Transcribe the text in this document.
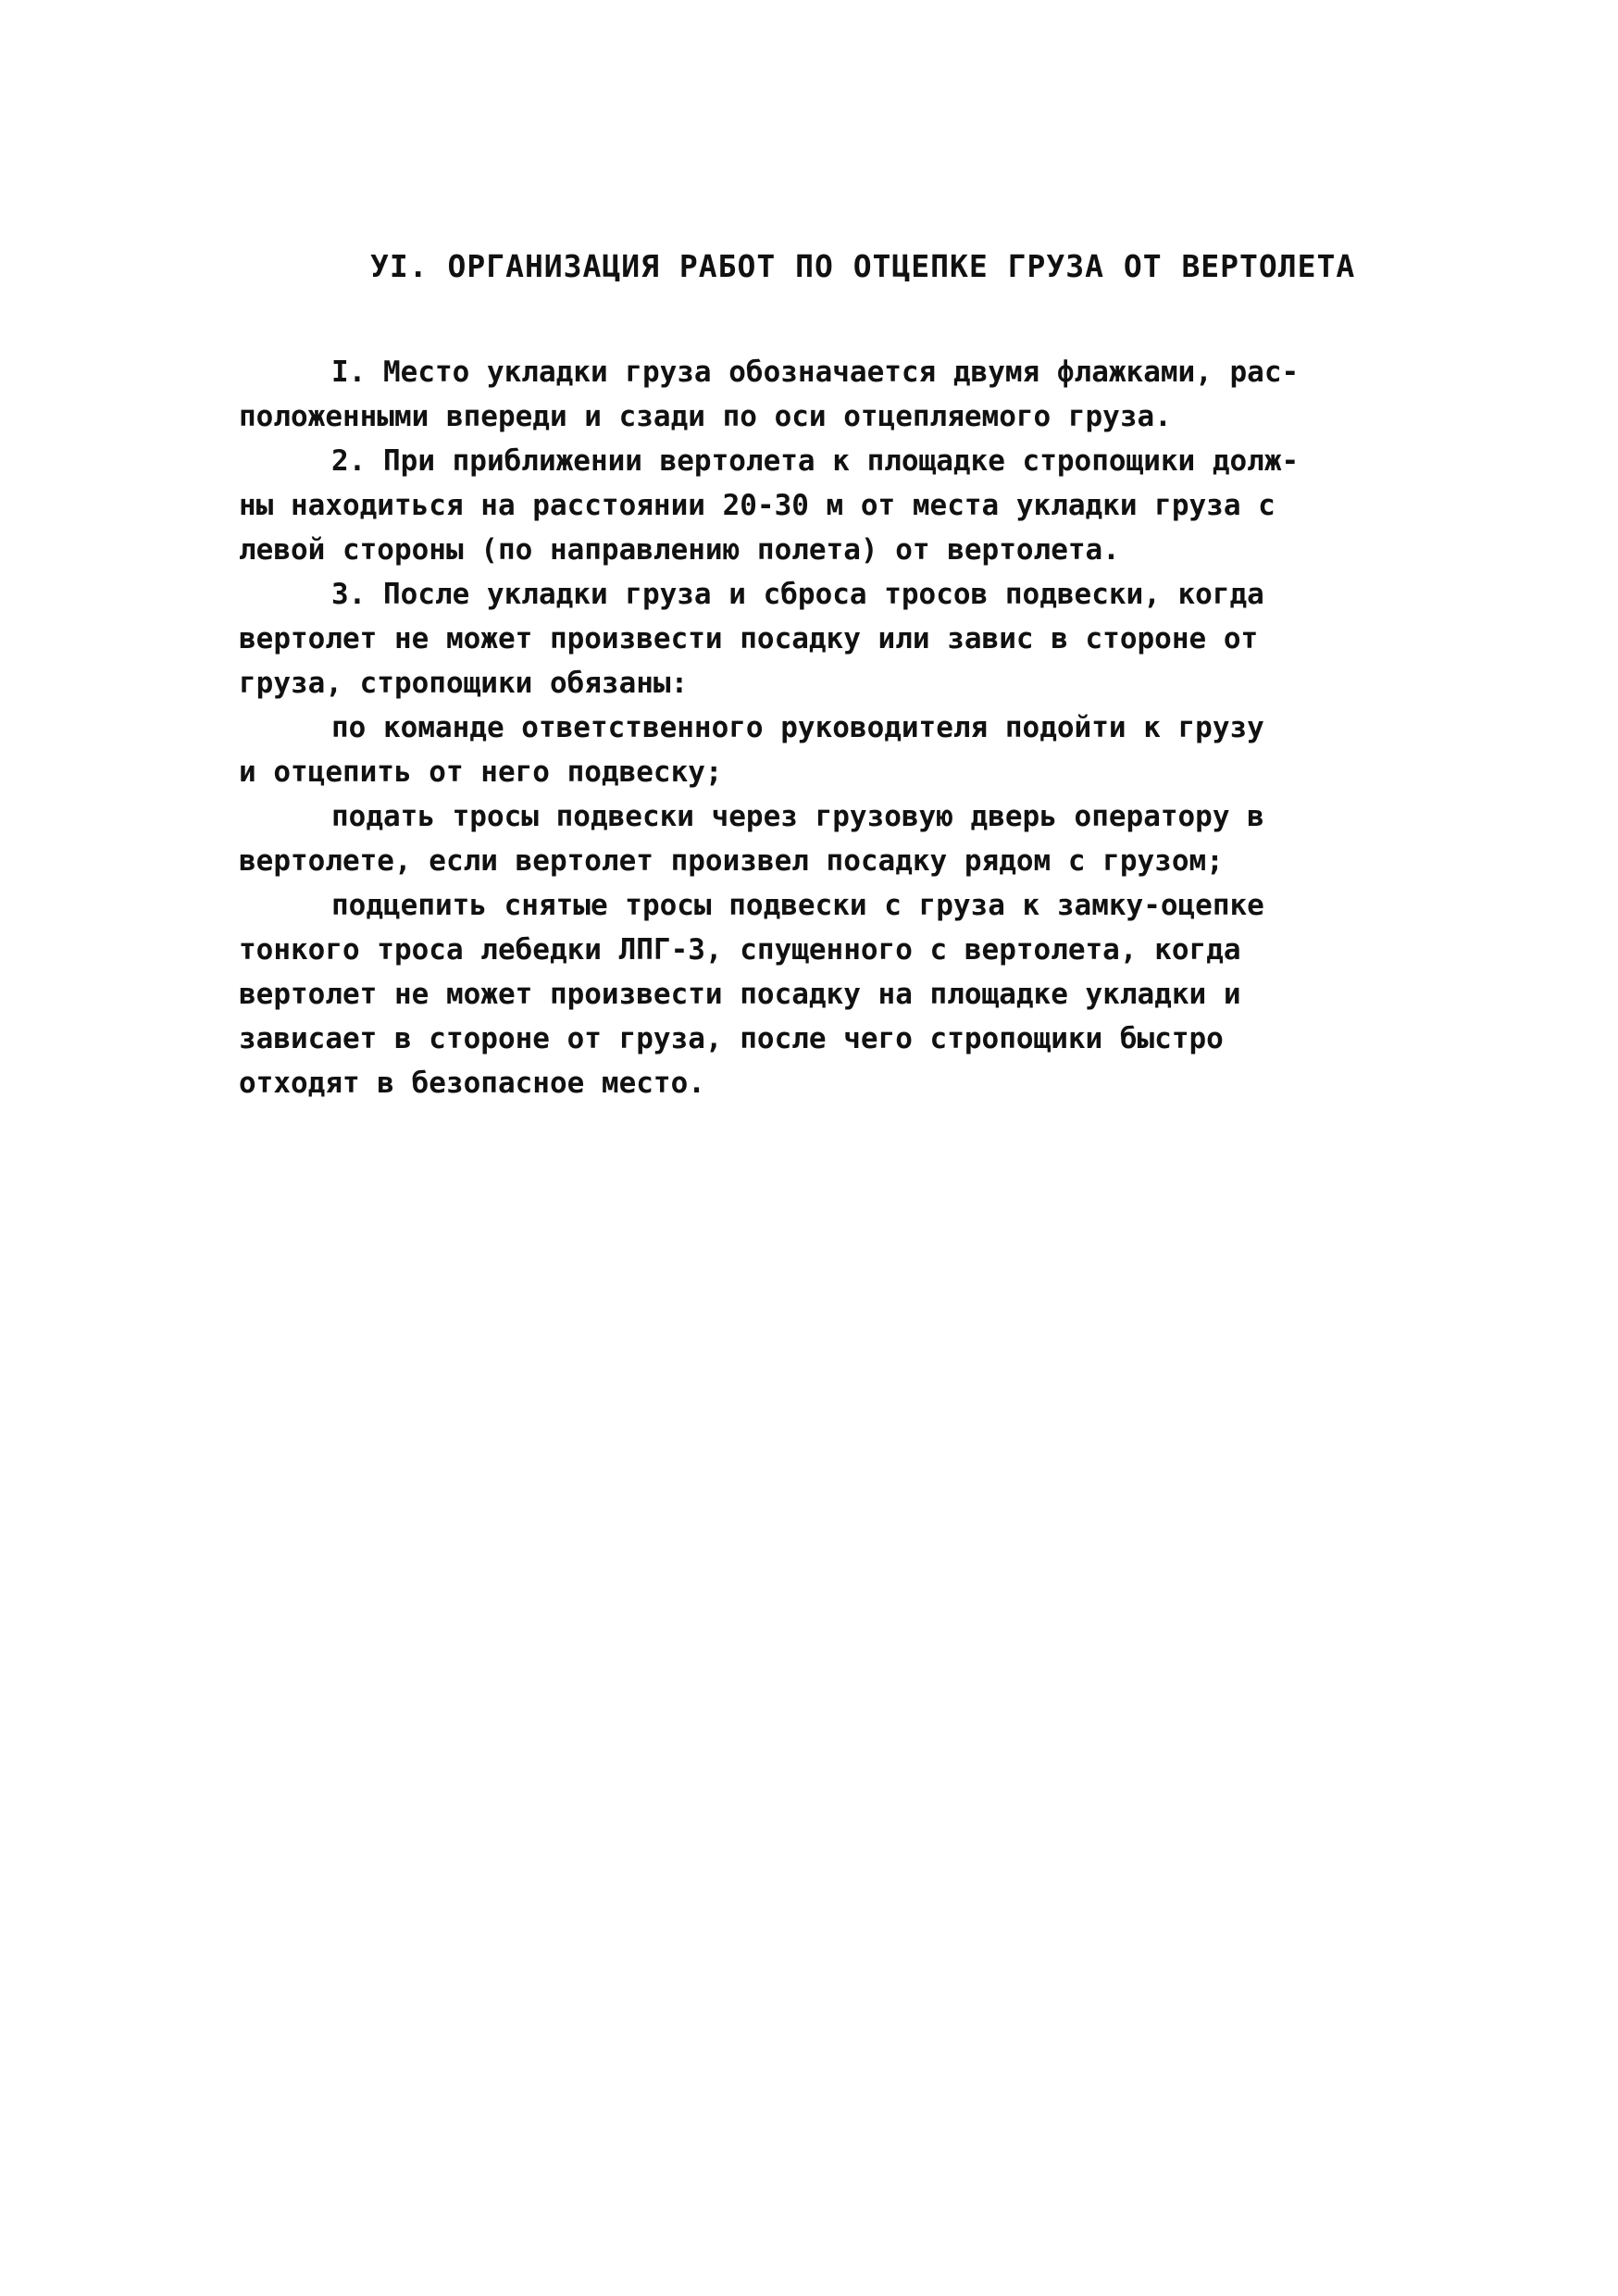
УI. ОРГАНИЗАЦИЯ РАБОТ ПО ОТЦЕПКЕ ГРУЗА ОТ ВЕРТОЛЕТА
I. Место укладки груза обозначается двумя флажками, рас-
положенными впереди и сзади по оси отцепляемого груза.
2. При приближении вертолета к площадке стропощики долж-
ны находиться на расстоянии 20-30 м от места укладки груза с
левой стороны (по направлению полета) от вертолета.
3. После укладки груза и сброса тросов подвески, когда
вертолет не может произвести посадку или завис в стороне от
груза, стропощики обязаны:
по команде ответственного руководителя подойти к грузу
и отцепить от него подвеску;
подать тросы подвески через грузовую дверь оператору в
вертолете, если вертолет произвел посадку рядом с грузом;
подцепить снятые тросы подвески с груза к замку-оцепке
тонкого троса лебедки ЛПГ-3, спущенного с вертолета, когда
вертолет не может произвести посадку на площадке укладки и
зависает в стороне от груза, после чего стропощики быстро
отходят в безопасное место.
